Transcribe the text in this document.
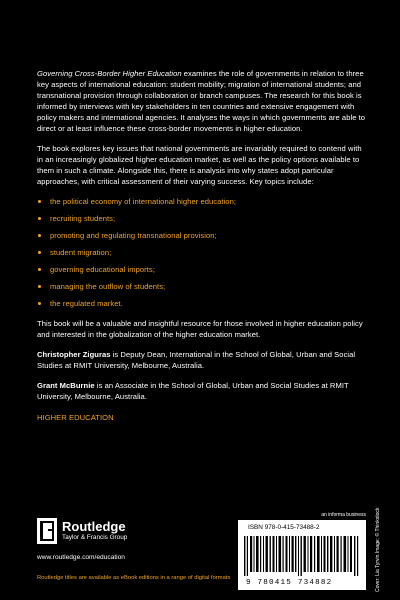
Governing Cross-Border Higher Education examines the role of governments in relation to three key aspects of international education: student mobility; migration of international students; and transnational provision through collaboration or branch campuses. The research for this book is informed by interviews with key stakeholders in ten countries and extensive engagement with policy makers and international agencies. It analyses the ways in which governments are able to direct or at least influence these cross-border movements in higher education.

The book explores key issues that national governments are invariably required to contend with in an increasingly globalized higher education market, as well as the policy options available to them in such a climate. Alongside this, there is analysis into why states adopt particular approaches, with critical assessment of their varying success. Key topics include:

the political economy of international higher education;
recruiting students;
promoting and regulating transnational provision;
student migration;
governing educational imports;
managing the outflow of students;
the regulated market.

This book will be a valuable and insightful resource for those involved in higher education policy and interested in the globalization of the higher education market.

Christopher Ziguras is Deputy Dean, International in the School of Global, Urban and Social Studies at RMIT University, Melbourne, Australia.

Grant McBurnie is an Associate in the School of Global, Urban and Social Studies at RMIT University, Melbourne, Australia.

HIGHER EDUCATION
Routledge
Taylor & Francis Group
www.routledge.com/education
Routledge titles are available as eBook editions in a range of digital formats
an informa business
ISBN 978-0-415-73488-2
9 780415 734882	Cover: Lia Tyrvin Image: © Thinkstock
